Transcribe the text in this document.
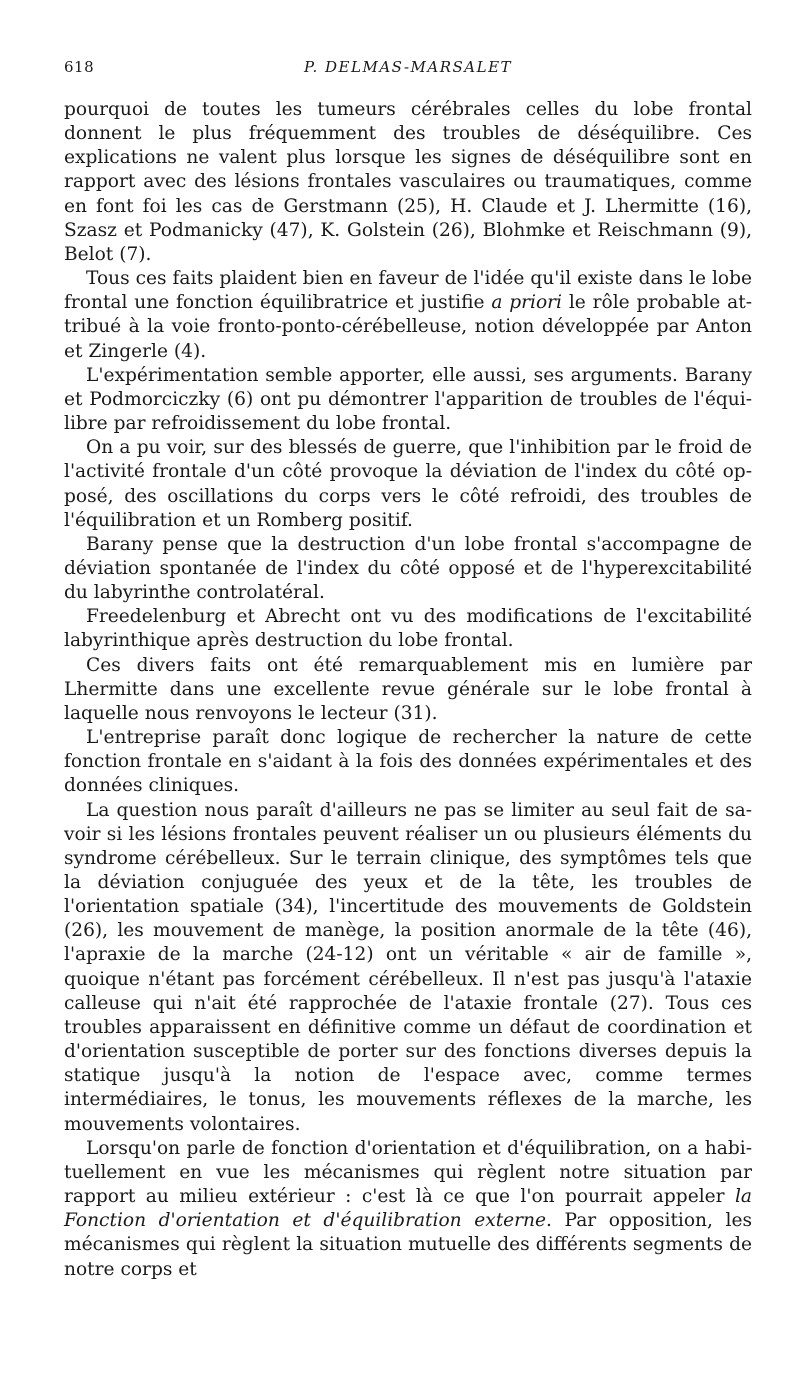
618	P. DELMAS-MARSALET

pourquoi de toutes les tumeurs cérébrales celles du lobe frontal donnent le plus fréquemment des troubles de déséquilibre. Ces explications ne valent plus lorsque les signes de déséquilibre sont en rapport avec des lésions frontales vasculaires ou traumatiques, comme en font foi les cas de Gerstmann (25), H. Claude et J. Lhermitte (16), Szasz et Podmanicky (47), K. Golstein (26), Blohmke et Reischmann (9), Belot (7).

Tous ces faits plaident bien en faveur de l'idée qu'il existe dans le lobe frontal une fonction équilibratrice et justifie a priori le rôle probable attribué à la voie fronto-ponto-cérébelleuse, notion développée par Anton et Zingerle (4).

L'expérimentation semble apporter, elle aussi, ses arguments. Barany et Podmorciczky (6) ont pu démontrer l'apparition de troubles de l'équilibre par refroidissement du lobe frontal.

On a pu voir, sur des blessés de guerre, que l'inhibition par le froid de l'activité frontale d'un côté provoque la déviation de l'index du côté opposé, des oscillations du corps vers le côté refroidi, des troubles de l'équilibration et un Romberg positif.

Barany pense que la destruction d'un lobe frontal s'accompagne de déviation spontanée de l'index du côté opposé et de l'hyperexcitabilité du labyrinthe controlatéral.

Freedelenburg et Abrecht ont vu des modifications de l'excitabilité labyrinthique après destruction du lobe frontal.

Ces divers faits ont été remarquablement mis en lumière par Lhermitte dans une excellente revue générale sur le lobe frontal à laquelle nous renvoyons le lecteur (31).

L'entreprise paraît donc logique de rechercher la nature de cette fonction frontale en s'aidant à la fois des données expérimentales et des données cliniques.

La question nous paraît d'ailleurs ne pas se limiter au seul fait de savoir si les lésions frontales peuvent réaliser un ou plusieurs éléments du syndrome cérébelleux. Sur le terrain clinique, des symptômes tels que la déviation conjuguée des yeux et de la tête, les troubles de l'orientation spatiale (34), l'incertitude des mouvements de Goldstein (26), les mouvement de manège, la position anormale de la tête (46), l'apraxie de la marche (24-12) ont un véritable « air de famille », quoique n'étant pas forcément cérébelleux. Il n'est pas jusqu'à l'ataxie calleuse qui n'ait été rapprochée de l'ataxie frontale (27). Tous ces troubles apparaissent en définitive comme un défaut de coordination et d'orientation susceptible de porter sur des fonctions diverses depuis la statique jusqu'à la notion de l'espace avec, comme termes intermédiaires, le tonus, les mouvements réflexes de la marche, les mouvements volontaires.

Lorsqu'on parle de fonction d'orientation et d'équilibration, on a habituellement en vue les mécanismes qui règlent notre situation par rapport au milieu extérieur : c'est là ce que l'on pourrait appeler la Fonction d'orientation et d'équilibration externe. Par opposition, les mécanismes qui règlent la situation mutuelle des différents segments de notre corps et
